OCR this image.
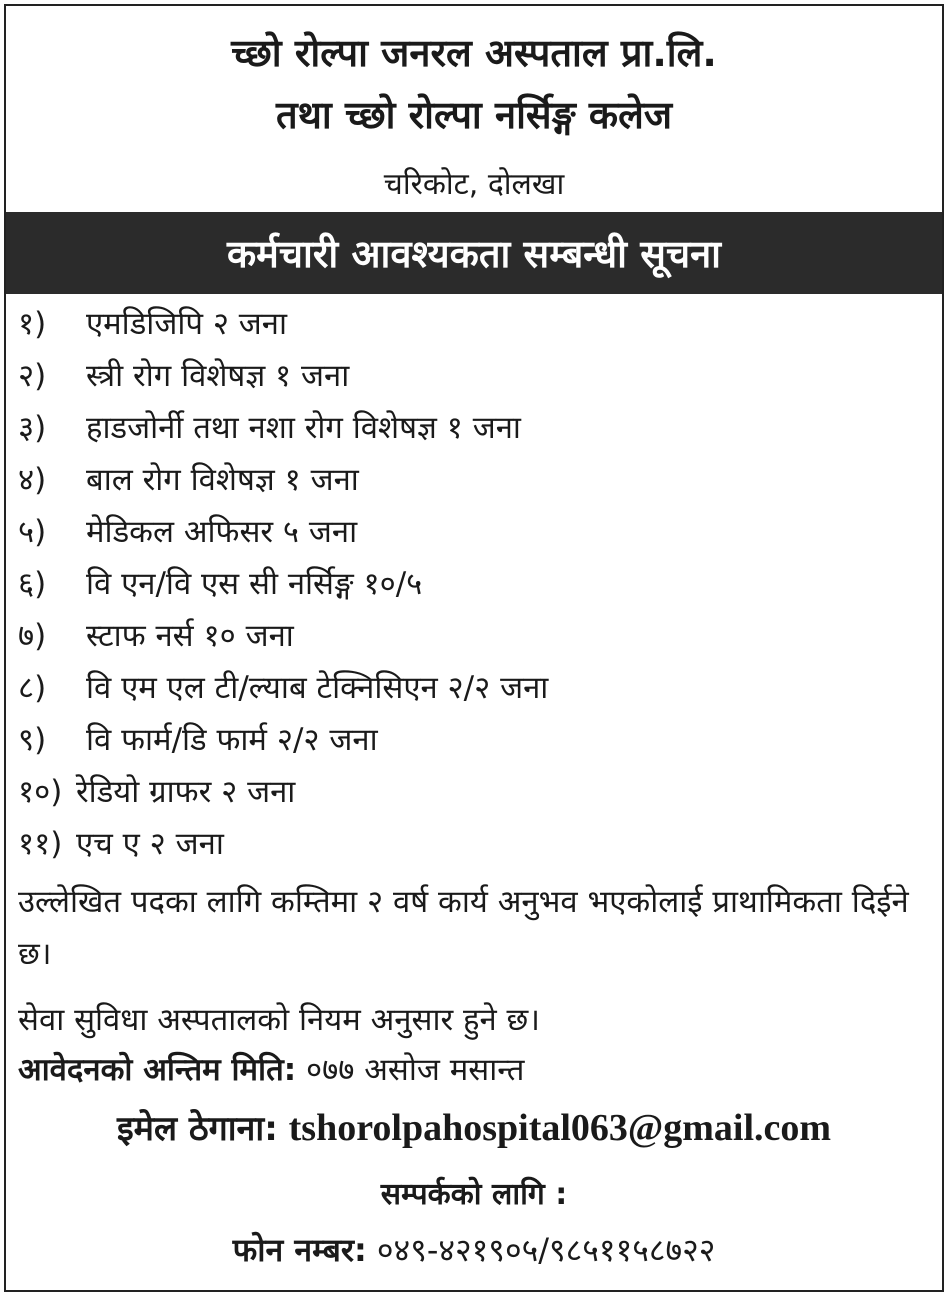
च्छो रोल्पा जनरल अस्पताल प्रा.लि.
तथा च्छो रोल्पा नर्सिङ्ग कलेज
चरिकोट, दोलखा
कर्मचारी आवश्यकता सम्बन्धी सूचना
१)	एमडिजिपि २ जना
२)	स्त्री रोग विशेषज्ञ १ जना
३)	हाडजोर्नी तथा नशा रोग विशेषज्ञ १ जना
४)	बाल रोग विशेषज्ञ १ जना
५)	मेडिकल अफिसर ५ जना
६)	वि एन/वि एस सी नर्सिङ्ग १०/५
७)	स्टाफ नर्स १० जना
८)	वि एम एल टी/ल्याब टेक्निसिएन २/२ जना
९)	वि फार्म/डि फार्म २/२ जना
१०) रेडियो ग्राफर २ जना
११) एच ए २ जना
उल्लेखित पदका लागि कम्तिमा २ वर्ष कार्य अनुभव भएकोलाई प्राथामिकता दिईने छ।
सेवा सुविधा अस्पतालको नियम अनुसार हुने छ।
आवेदनको अन्तिम मिति: ०७७ असोज मसान्त
इमेल ठेगाना: tshorolpahospital063@gmail.com
सम्पर्कको लागि :
फोन नम्बर: ०४९-४२१९०५/९८५११५८७२२
